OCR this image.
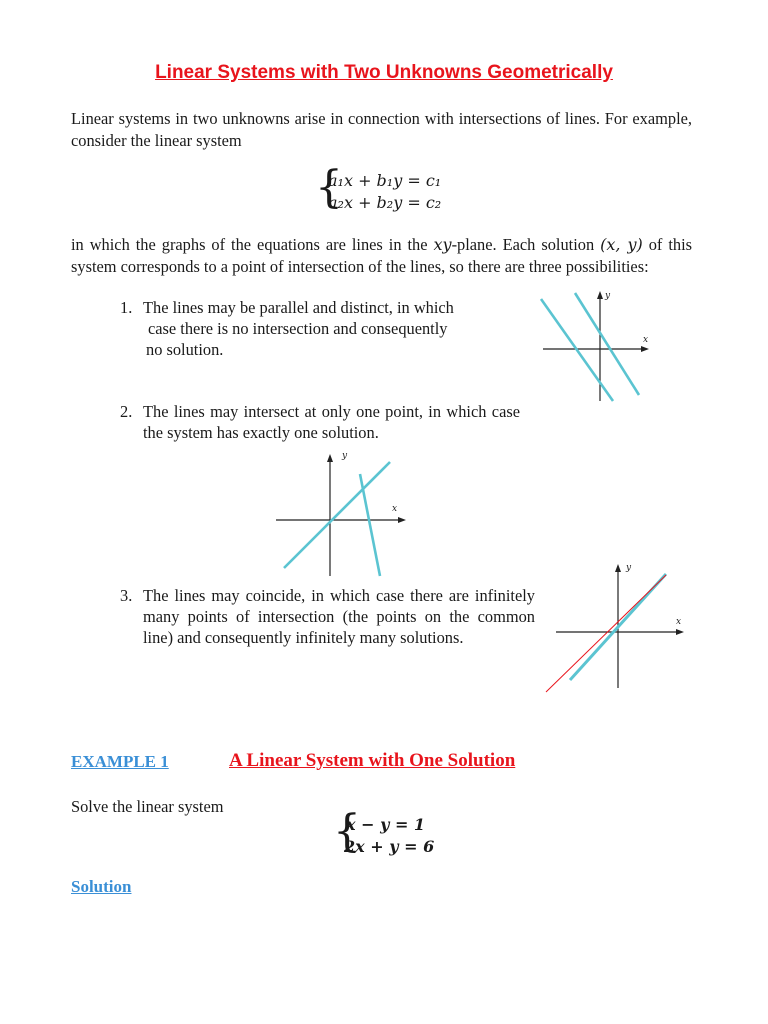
Linear Systems with Two Unknowns Geometrically
Linear systems in two unknowns arise in connection with intersections of lines. For example, consider the linear system
{
a₁x + b₁y = c₁
a₂x + b₂y = c₂
in which the graphs of the equations are lines in the xy-plane. Each solution (x, y) of this system corresponds to a point of intersection of the lines, so there are three possibilities:
1. The lines may be parallel and distinct, in which
case there is no intersection and consequently
no solution.	x
y
2. The lines may intersect at only one point, in which case the system has exactly one solution.
x
y
3. The lines may coincide, in which case there are infinitely many points of intersection (the points on the common line) and consequently infinitely many solutions.
x
y
EXAMPLE 1	A Linear System with One Solution
Solve the linear system	{
x − y = 1
2x + y = 6
Solution
